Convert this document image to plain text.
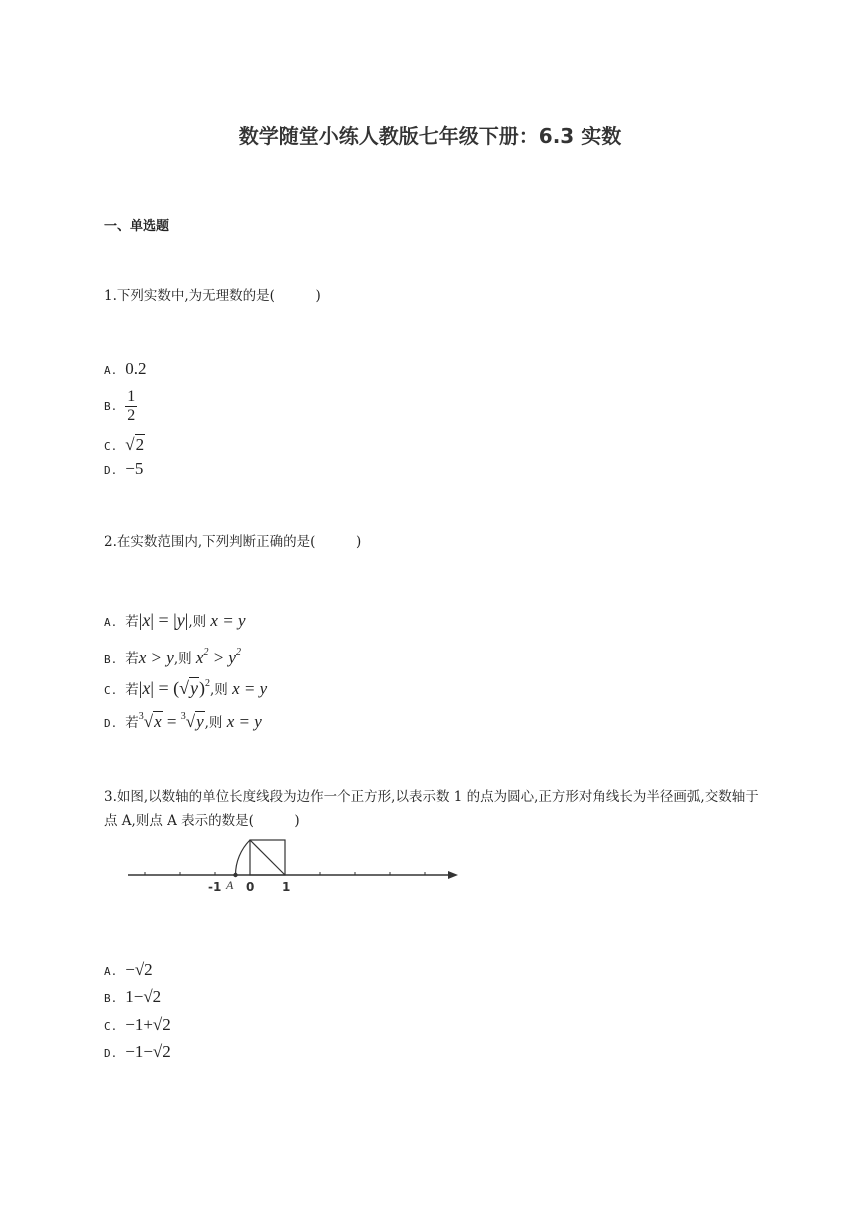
数学随堂小练人教版七年级下册：6.3 实数
一、单选题
1.下列实数中,为无理数的是(　　　)
A. 0.2
B. $\frac{1}{2}$
C. √2
D. −5
2.在实数范围内,下列判断正确的是(　　　)
A. 若|x| = |y|,则 x = y
B. 若x > y,则 $x^2 > y^2$
C. 若$|x| = (√y)^2$,则 x = y
D. 若$^3$√x = $^3$√y,则 x = y
3.如图,以数轴的单位长度线段为边作一个正方形,以表示数 1 的点为圆心,正方形对角线长为半径画弧,交数轴于点 A,则点 A 表示的数是(　　　)
-1 A 0 1
A. −√2
B. 1−√2
C. −1+√2
D. −1−√2
